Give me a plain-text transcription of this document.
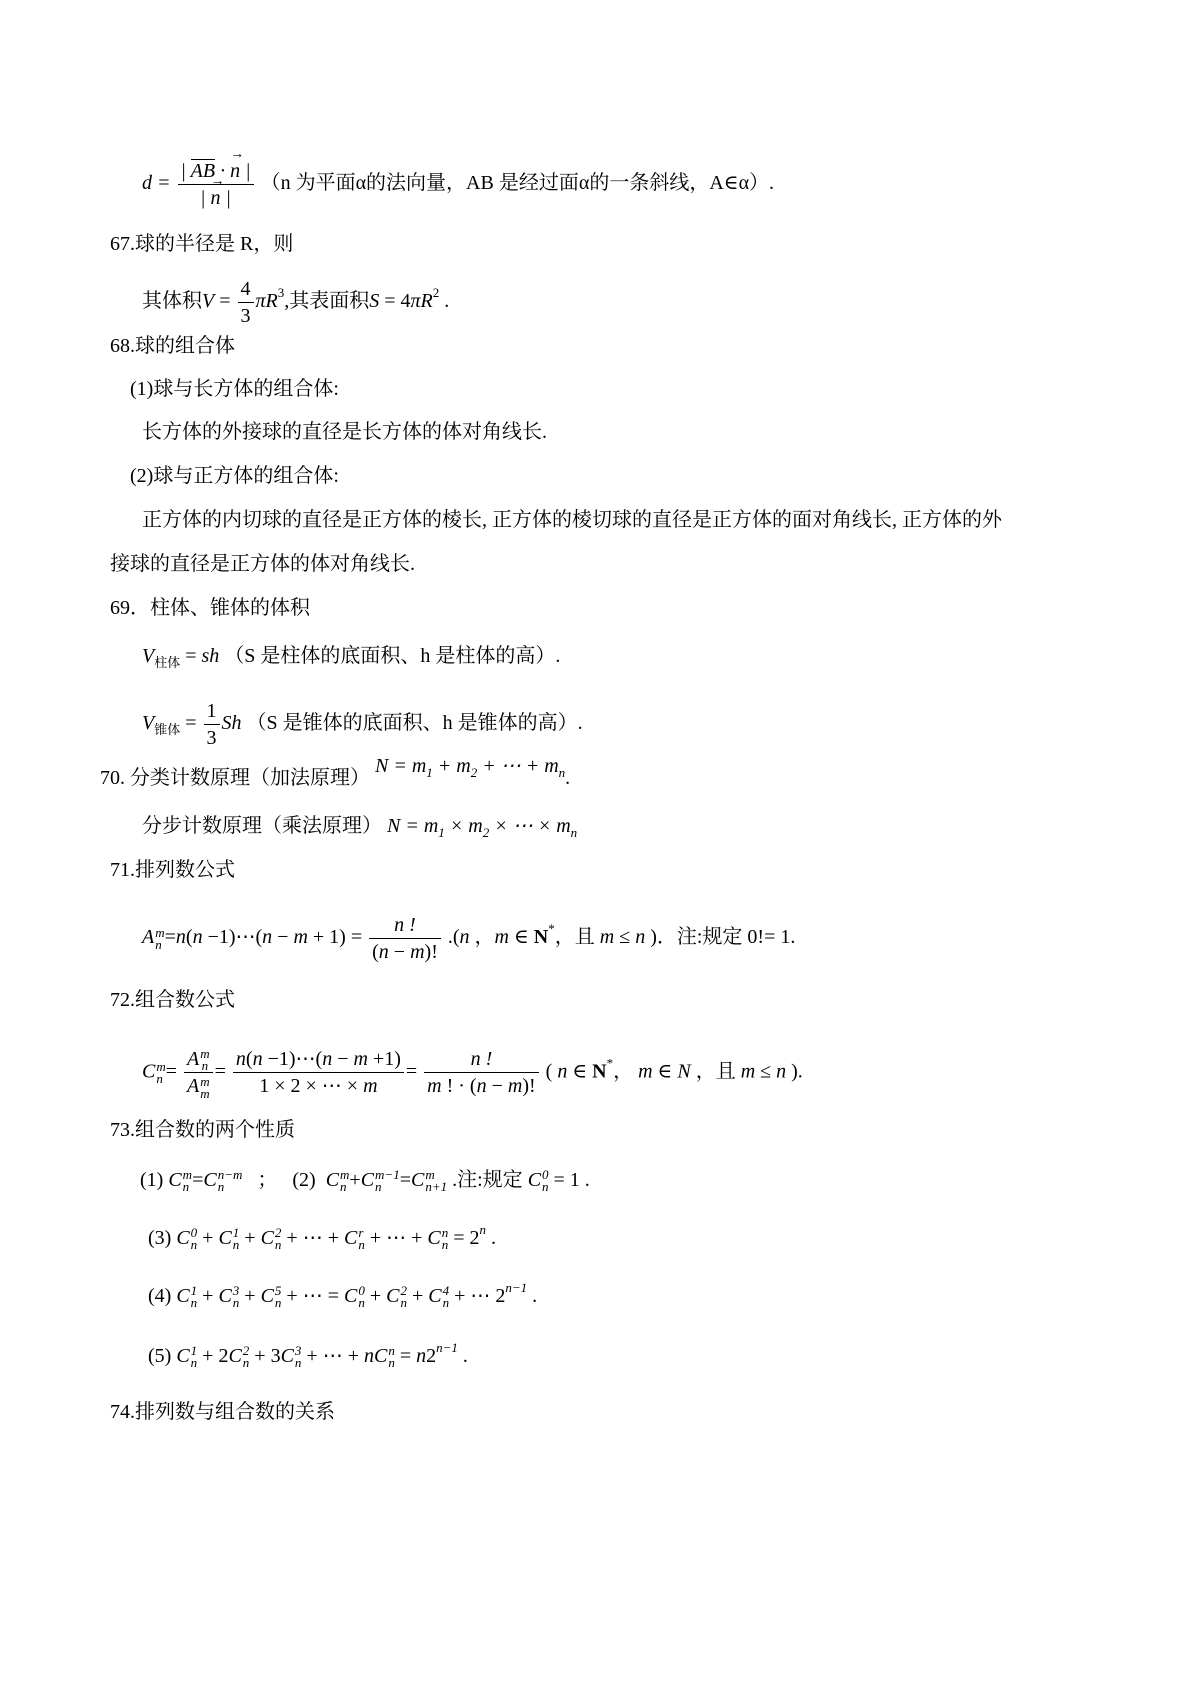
$d = \frac{| AB \cdot \to n |}{| \to n |} (n$ 为平面α的法向量，AB 是经过面α的一条斜线，A∈α）.
67.球的半径是 R，则
其体积$V = \frac{4}{3} \pi R^3$,其表面积$S = 4\pi R^2$ .
68.球的组合体
(1)球与长方体的组合体:
长方体的外接球的直径是长方体的体对角线长.
(2)球与正方体的组合体:
正方体的内切球的直径是正方体的棱长, 正方体的棱切球的直径是正方体的面对角线长, 正方体的外
接球的直径是正方体的体对角线长.
69．柱体、锥体的体积
$V_{柱体}$ = sh （S 是柱体的底面积、h 是柱体的高）.
$V_{锥体} = \frac{1}{3}$ Sh （S 是锥体的底面积、h 是锥体的高）.
70. 分类计数原理（加法原理） $N = m_1 + m_2$ + ⋯ + $m_n$.
分步计数原理（乘法原理） $N = m_1 \times m_2$ × ⋯ × $m_n$
71.排列数公式
A m
n =n(n −1)⋯(n − $m + 1) = \frac{n !}{(n - m)!} .(n$ ，m ∈ N*，且 m ≤ n )．注:规定 0!= 1.
72.组合数公式
C m
n = A m
n
A m
$m = \frac{n(n -1)\cdots(n - m +1)}{1 \times 2 \times \cdots \times m} = \frac{n !}{m ! \cdot (n - m)!}$ ( n ∈ N*， m ∈ N ，且 m ≤ n ).
73.组合数的两个性质
(1) C m
n =C n−m
n ；   (2)  C m
n +C m−1
n =C m
n+1 .注:规定 C 0
n = 1 .
(3) C 0
n + C 1
n + C 2
n + ⋯ + C r
n + ⋯ + C n
$n = 2^n$ .
(4) C 1
n + C 3
n + C 5
n + ⋯ = C 0
n + C 2
n + C 4
n + ⋯ $2^{n-1}$ .
(5) C 1
n + 2C 2
n + 3C 3
n + ⋯ + nC n
$n = n2^{n-1}$ .
74.排列数与组合数的关系
